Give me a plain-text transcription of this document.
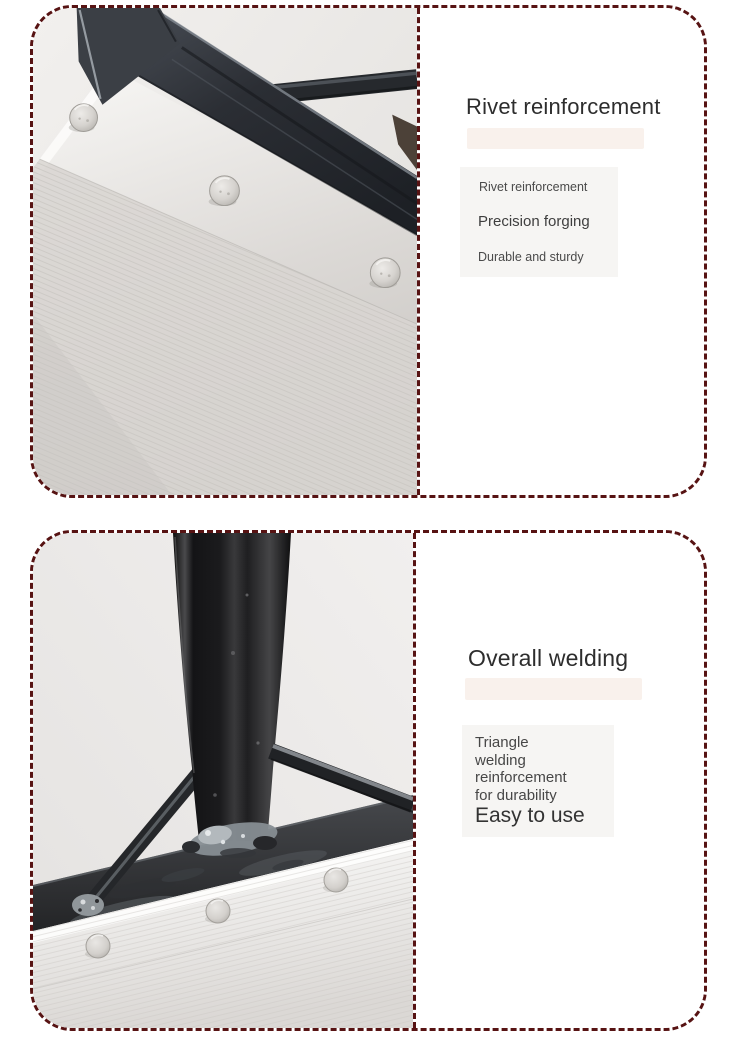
Rivet reinforcement
Rivet reinforcement
Precision forging
Durable and sturdy
Overall welding
Triangle
welding
reinforcement
for durability
Easy to use
